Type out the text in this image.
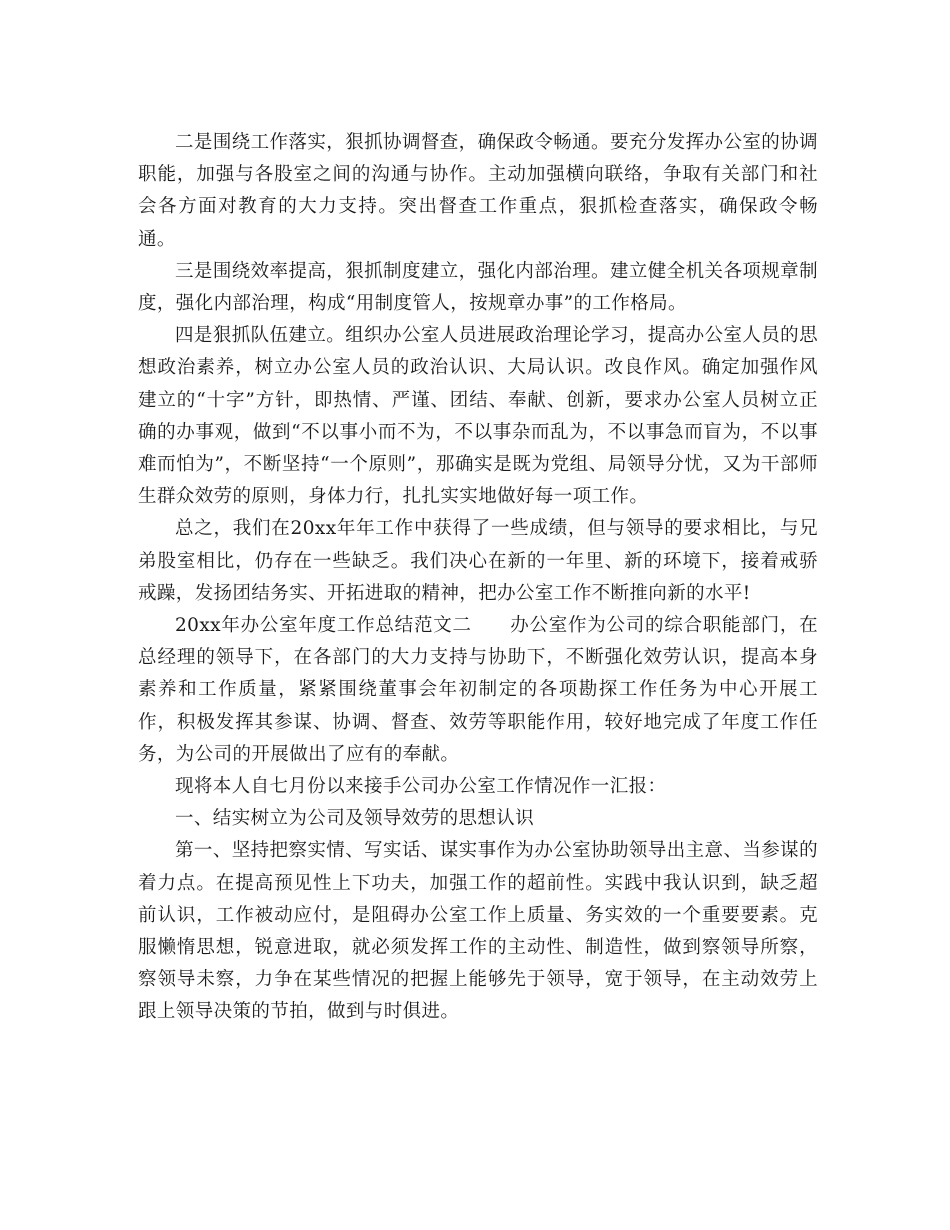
二是围绕工作落实，狠抓协调督查，确保政令畅通。要充分发挥办公室的协调职能，加强与各股室之间的沟通与协作。主动加强横向联络，争取有关部门和社会各方面对教育的大力支持。突出督查工作重点，狠抓检查落实，确保政令畅通。

三是围绕效率提高，狠抓制度建立，强化内部治理。建立健全机关各项规章制度，强化内部治理，构成“用制度管人，按规章办事”的工作格局。

四是狠抓队伍建立。组织办公室人员进展政治理论学习，提高办公室人员的思想政治素养，树立办公室人员的政治认识、大局认识。改良作风。确定加强作风建立的“十字”方针，即热情、严谨、团结、奉献、创新，要求办公室人员树立正确的办事观，做到“不以事小而不为，不以事杂而乱为，不以事急而盲为，不以事难而怕为”，不断坚持“一个原则”，那确实是既为党组、局领导分忧，又为干部师生群众效劳的原则，身体力行，扎扎实实地做好每一项工作。

总之，我们在20xx年年工作中获得了一些成绩，但与领导的要求相比，与兄弟股室相比，仍存在一些缺乏。我们决心在新的一年里、新的环境下，接着戒骄戒躁，发扬团结务实、开拓进取的精神，把办公室工作不断推向新的水平!

20xx年办公室年度工作总结范文二　　办公室作为公司的综合职能部门，在总经理的领导下，在各部门的大力支持与协助下，不断强化效劳认识，提高本身素养和工作质量，紧紧围绕董事会年初制定的各项勘探工作任务为中心开展工作，积极发挥其参谋、协调、督查、效劳等职能作用，较好地完成了年度工作任务，为公司的开展做出了应有的奉献。

现将本人自七月份以来接手公司办公室工作情况作一汇报：

一、结实树立为公司及领导效劳的思想认识

第一、坚持把察实情、写实话、谋实事作为办公室协助领导出主意、当参谋的着力点。在提高预见性上下功夫，加强工作的超前性。实践中我认识到，缺乏超前认识，工作被动应付，是阻碍办公室工作上质量、务实效的一个重要要素。克服懒惰思想，锐意进取，就必须发挥工作的主动性、制造性，做到察领导所察，察领导未察，力争在某些情况的把握上能够先于领导，宽于领导，在主动效劳上跟上领导决策的节拍，做到与时俱进。
